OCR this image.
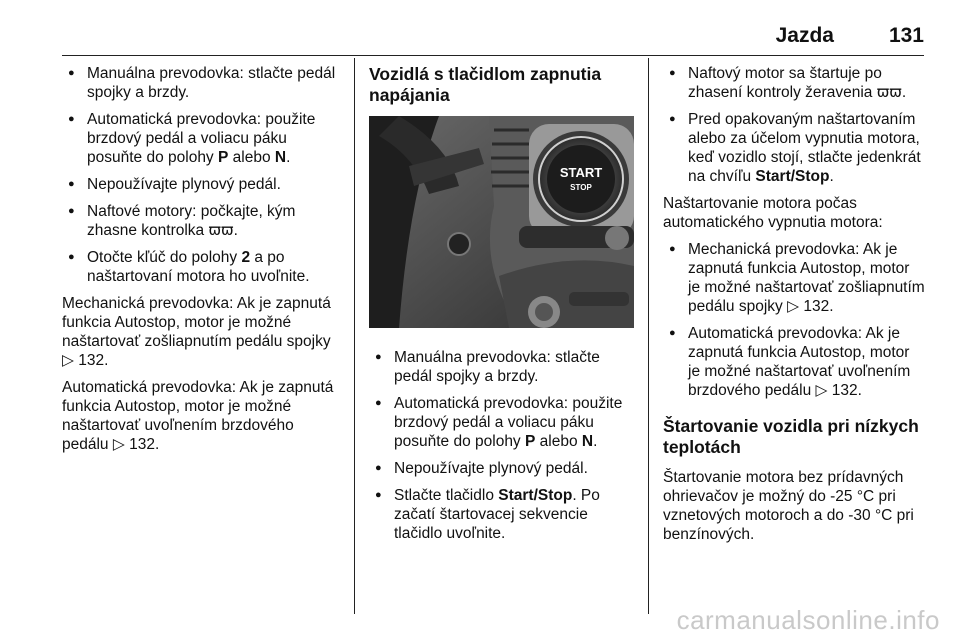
Jazda	131
● Manuálna prevodovka: stlačte pedál spojky a brzdy.
● Automatická prevodovka: použite brzdový pedál a voliacu páku posuňte do polohy P alebo N.
● Nepoužívajte plynový pedál.
● Naftové motory: počkajte, kým zhasne kontrolka ϖϖ.
● Otočte kľúč do polohy 2 a po naštartovaní motora ho uvoľnite.

Mechanická prevodovka: Ak je zapnutá funkcia Autostop, motor je možné naštartovať zošliapnutím pedálu spojky ▷ 132.

Automatická prevodovka: Ak je zapnutá funkcia Autostop, motor je možné naštartovať uvoľnením brzdového pedálu ▷ 132.

Vozidlá s tlačidlom zapnutia napájania
START
STOP
● Manuálna prevodovka: stlačte pedál spojky a brzdy.
● Automatická prevodovka: použite brzdový pedál a voliacu páku posuňte do polohy P alebo N.
● Nepoužívajte plynový pedál.
● Stlačte tlačidlo Start/Stop. Po začatí štartovacej sekvencie tlačidlo uvoľnite.
● Naftový motor sa štartuje po zhasení kontroly žeravenia ϖϖ.
● Pred opakovaným naštartovaním alebo za účelom vypnutia motora, keď vozidlo stojí, stlačte jedenkrát na chvíľu Start/Stop.

Naštartovanie motora počas automatického vypnutia motora:

● Mechanická prevodovka: Ak je zapnutá funkcia Autostop, motor je možné naštartovať zošliapnutím pedálu spojky ▷ 132.
● Automatická prevodovka: Ak je zapnutá funkcia Autostop, motor je možné naštartovať uvoľnením brzdového pedálu ▷ 132.
Štartovanie vozidla pri nízkych teplotách

Štartovanie motora bez prídavných ohrievačov je možný do -25 °C pri vznetových motoroch a do -30 °C pri benzínových.

carmanualsonline.info
